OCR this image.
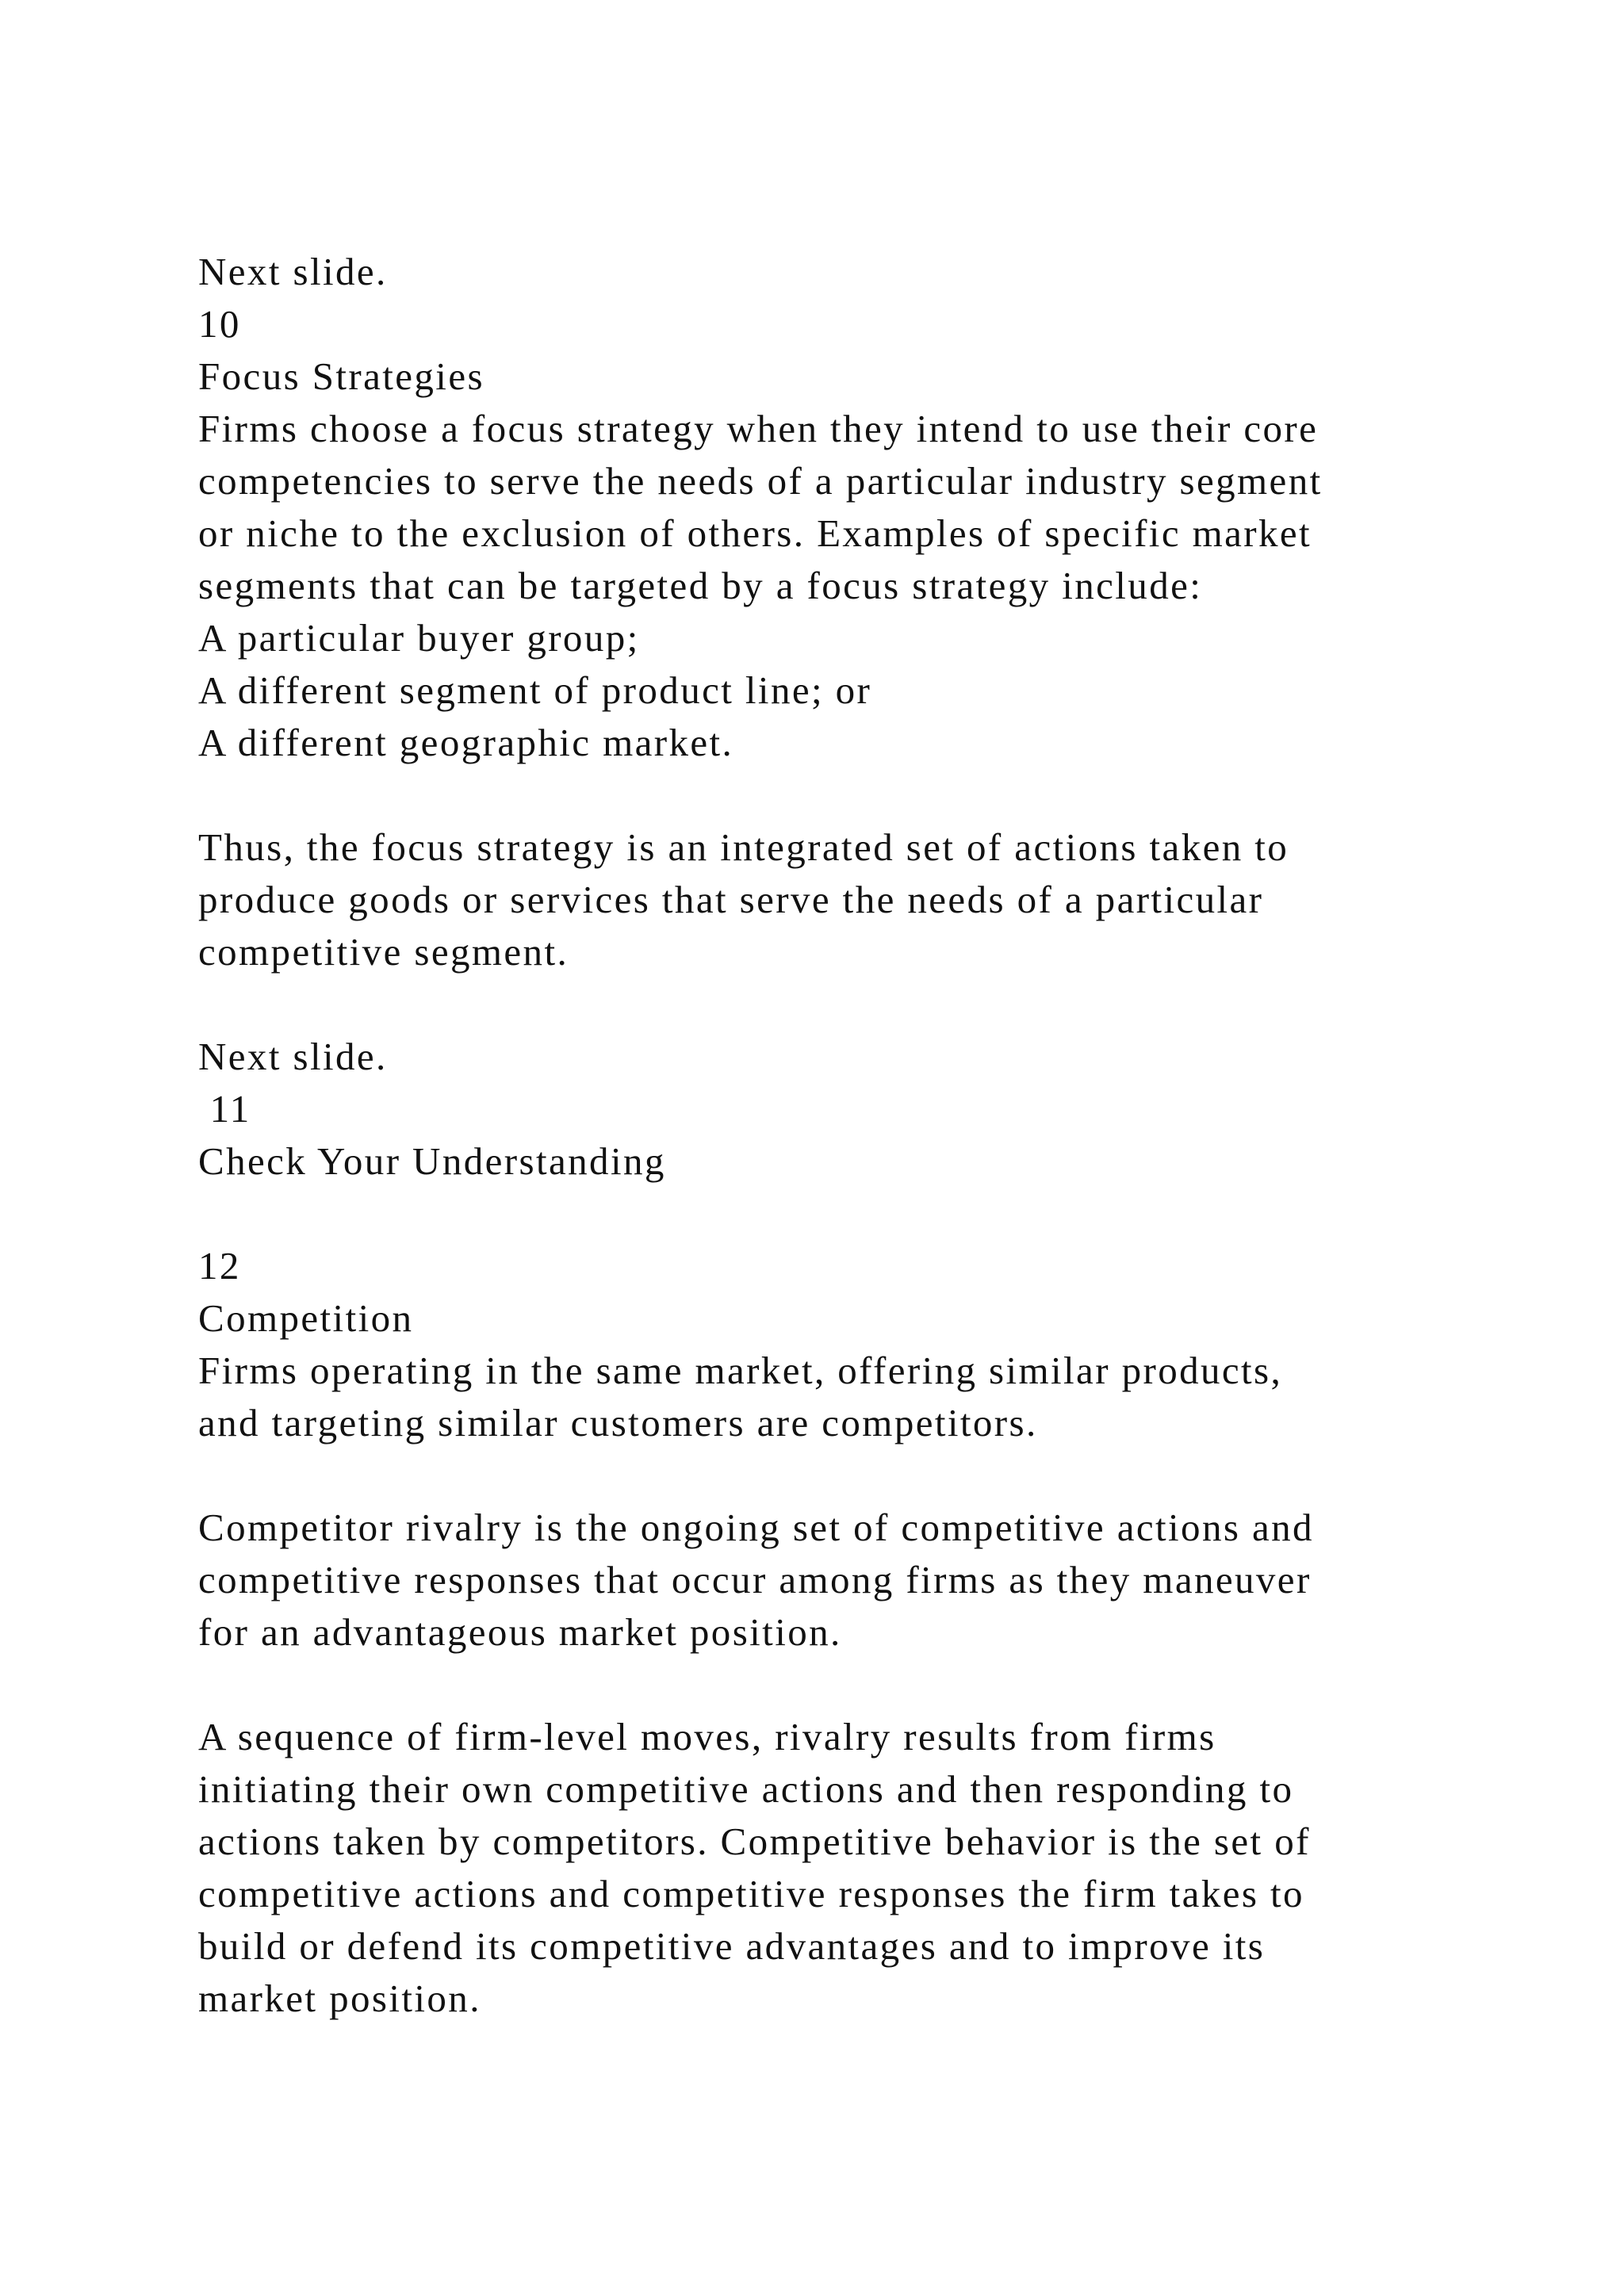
Next slide.
10
Focus Strategies
Firms choose a focus strategy when they intend to use their core
competencies to serve the needs of a particular industry segment
or niche to the exclusion of others. Examples of specific market
segments that can be targeted by a focus strategy include:
A particular buyer group;
A different segment of product line; or
A different geographic market.
Thus, the focus strategy is an integrated set of actions taken to
produce goods or services that serve the needs of a particular
competitive segment.
Next slide.
11
Check Your Understanding
12
Competition
Firms operating in the same market, offering similar products,
and targeting similar customers are competitors.
Competitor rivalry is the ongoing set of competitive actions and
competitive responses that occur among firms as they maneuver
for an advantageous market position.
A sequence of firm-level moves, rivalry results from firms
initiating their own competitive actions and then responding to
actions taken by competitors. Competitive behavior is the set of
competitive actions and competitive responses the firm takes to
build or defend its competitive advantages and to improve its
market position.
